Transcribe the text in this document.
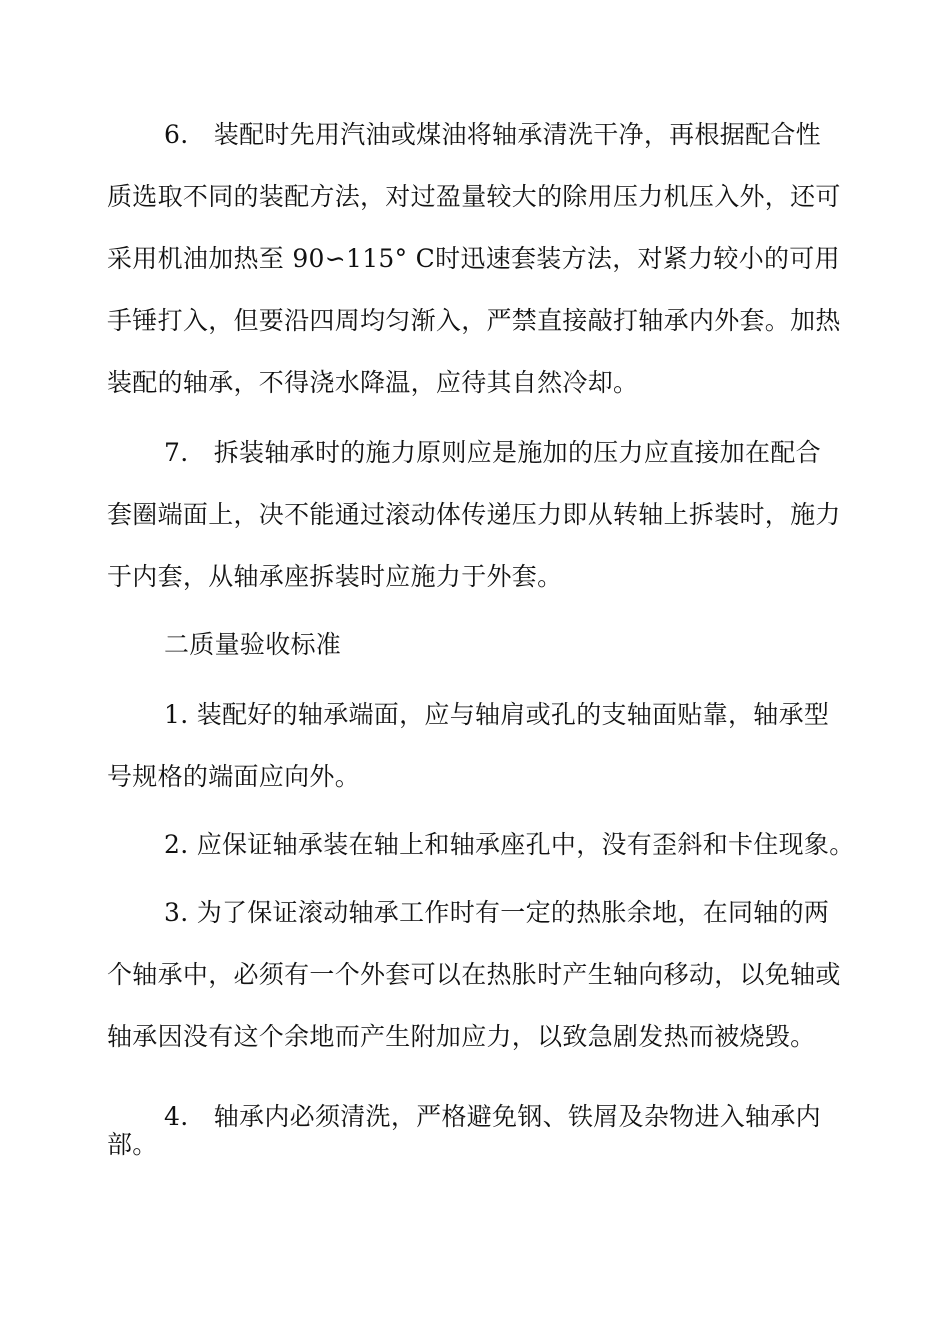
6.　装配时先用汽油或煤油将轴承清洗干净，再根据配合性
质选取不同的装配方法，对过盈量较大的除用压力机压入外，还可
采用机油加热至 90∽115° C时迅速套装方法，对紧力较小的可用
手锤打入，但要沿四周均匀渐入，严禁直接敲打轴承内外套。加热
装配的轴承，不得浇水降温，应待其自然冷却。
7.　拆装轴承时的施力原则应是施加的压力应直接加在配合
套圈端面上，决不能通过滚动体传递压力即从转轴上拆装时，施力
于内套，从轴承座拆装时应施力于外套。
二质量验收标准
1. 装配好的轴承端面，应与轴肩或孔的支轴面贴靠，轴承型
号规格的端面应向外。
2. 应保证轴承装在轴上和轴承座孔中，没有歪斜和卡住现象。
3. 为了保证滚动轴承工作时有一定的热胀余地，在同轴的两
个轴承中，必须有一个外套可以在热胀时产生轴向移动，以免轴或
轴承因没有这个余地而产生附加应力，以致急剧发热而被烧毁。
4.　轴承内必须清洗，严格避免钢、铁屑及杂物进入轴承内
部。
